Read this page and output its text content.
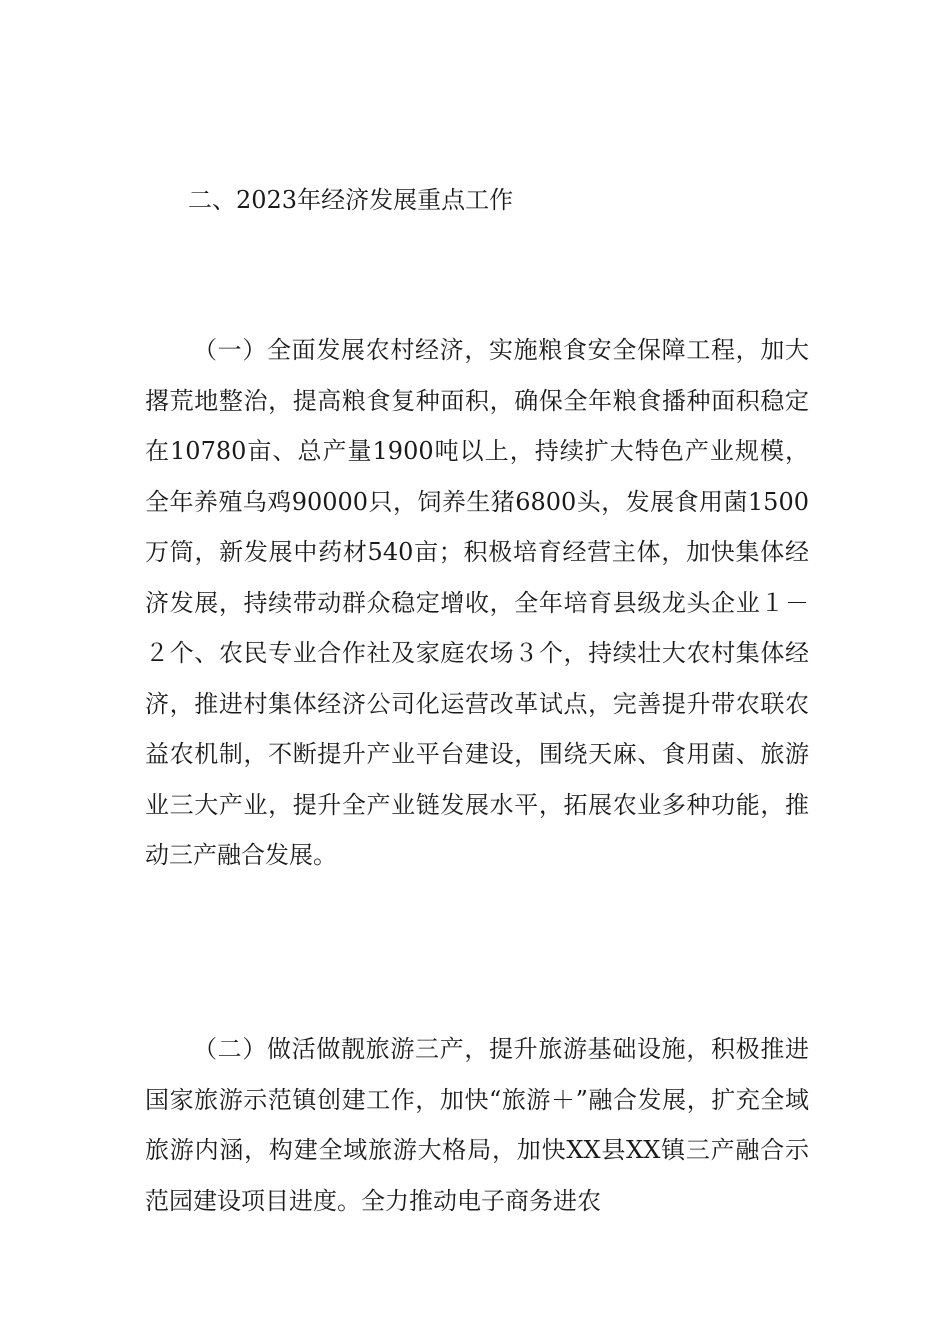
二、2023年经济发展重点工作

（一）全面发展农村经济，实施粮食安全保障工程，加大撂荒地整治，提高粮食复种面积，确保全年粮食播种面积稳定在10780亩、总产量1900吨以上，持续扩大特色产业规模，全年养殖乌鸡90000只，饲养生猪6800头，发展食用菌1500万筒，新发展中药材540亩；积极培育经营主体，加快集体经济发展，持续带动群众稳定增收，全年培育县级龙头企业１－２个、农民专业合作社及家庭农场３个，持续壮大农村集体经济，推进村集体经济公司化运营改革试点，完善提升带农联农益农机制，不断提升产业平台建设，围绕天麻、食用菌、旅游业三大产业，提升全产业链发展水平，拓展农业多种功能，推动三产融合发展。

（二）做活做靓旅游三产，提升旅游基础设施，积极推进国家旅游示范镇创建工作，加快“旅游＋”融合发展，扩充全域旅游内涵，构建全域旅游大格局，加快XX县XX镇三产融合示范园建设项目进度。全力推动电子商务进农
